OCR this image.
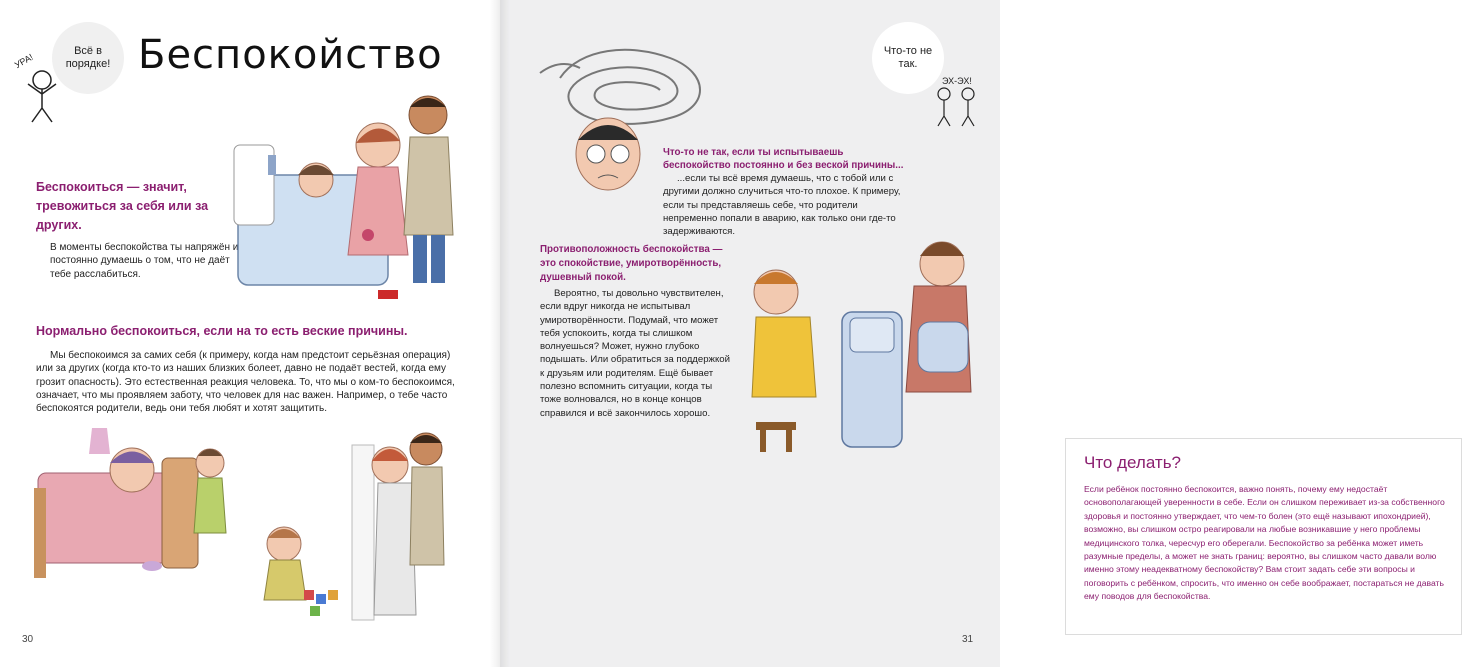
Всё в порядке!
УРА!	Беспокойство
Беспокоиться — значит, тревожиться за себя или за других.
В моменты беспокойства ты напряжён и постоянно думаешь о том, что не даёт тебе расслабиться.
Нормально беспокоиться, если на то есть веские причины.
Мы беспокоимся за самих себя (к примеру, когда нам предстоит серьёзная операция) или за других (когда кто-то из наших близких болеет, давно не подаёт вестей, когда ему грозит опасность). Это естественная реакция человека. То, что мы о ком-то беспокоимся, означает, что мы проявляем заботу, что человек для нас важен. Например, о тебе часто беспокоятся родители, ведь они тебя любят и хотят защитить.
30
Что-то не так.
ЭХ-ЭХ!
Что-то не так, если ты испытываешь беспокойство постоянно и без веской причины...
...если ты всё время думаешь, что с тобой или с другими должно случиться что-то плохое. К примеру, если ты представляешь себе, что родители непременно попали в аварию, как только они где-то задерживаются.
Противоположность беспокойства — это спокойствие, умиротворённость, душевный покой.
Вероятно, ты довольно чувствителен, если вдруг никогда не испытывал умиротворённости. Подумай, что может тебя успокоить, когда ты слишком волнуешься? Может, нужно глубоко подышать. Или обратиться за поддержкой к друзьям или родителям. Ещё бывает полезно вспомнить ситуации, когда ты тоже волновался, но в конце концов справился и всё закончилось хорошо.
Что делать?
Если ребёнок постоянно беспокоится, важно понять, почему ему недостаёт основополагающей уверенности в себе. Если он слишком переживает из-за собственного здоровья и постоянно утверждает, что чем-то болен (это ещё называют ипохондрией), возможно, вы слишком остро реагировали на любые возникавшие у него проблемы медицинского толка, чересчур его оберегали. Беспокойство за ребёнка может иметь разумные пределы, а может не знать границ: вероятно, вы слишком часто давали волю именно этому неадекватному беспокойству? Вам стоит задать себе эти вопросы и поговорить с ребёнком, спросить, что именно он себе воображает, постараться не давать ему поводов для беспокойства.
31
